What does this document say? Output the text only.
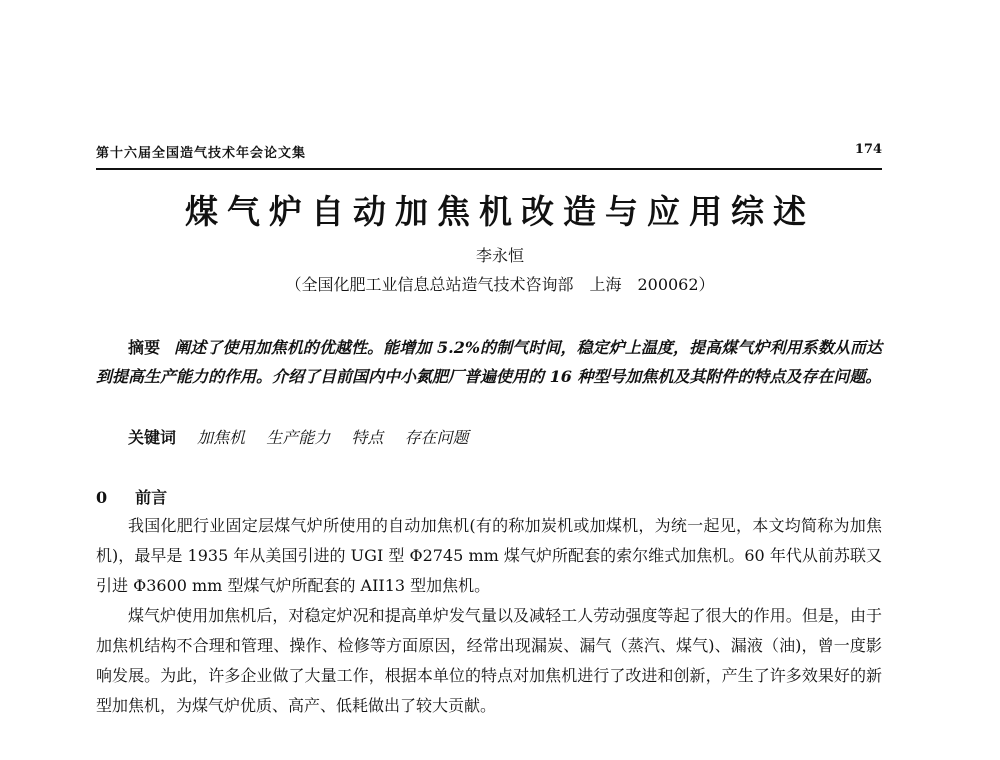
第十六届全国造气技术年会论文集	174
煤气炉自动加焦机改造与应用综述
李永恒
（全国化肥工业信息总站造气技术咨询部　上海　200062）
摘要 阐述了使用加焦机的优越性。能增加 5.2%的制气时间，稳定炉上温度，提高煤气炉利用系数从而达到提高生产能力的作用。介绍了目前国内中小氮肥厂普遍使用的 16 种型号加焦机及其附件的特点及存在问题。
关键词 加焦机 生产能力 特点 存在问题
0 前言

我国化肥行业固定层煤气炉所使用的自动加焦机(有的称加炭机或加煤机，为统一起见，本文均简称为加焦机)，最早是 1935 年从美国引进的 UGI 型 Φ2745 mm 煤气炉所配套的索尔维式加焦机。60 年代从前苏联又引进 Φ3600 mm 型煤气炉所配套的 AII13 型加焦机。

煤气炉使用加焦机后，对稳定炉况和提高单炉发气量以及减轻工人劳动强度等起了很大的作用。但是，由于加焦机结构不合理和管理、操作、检修等方面原因，经常出现漏炭、漏气（蒸汽、煤气)、漏液（油)，曾一度影响发展。为此，许多企业做了大量工作，根据本单位的特点对加焦机进行了改进和创新，产生了许多效果好的新型加焦机，为煤气炉优质、高产、低耗做出了较大贡献。
